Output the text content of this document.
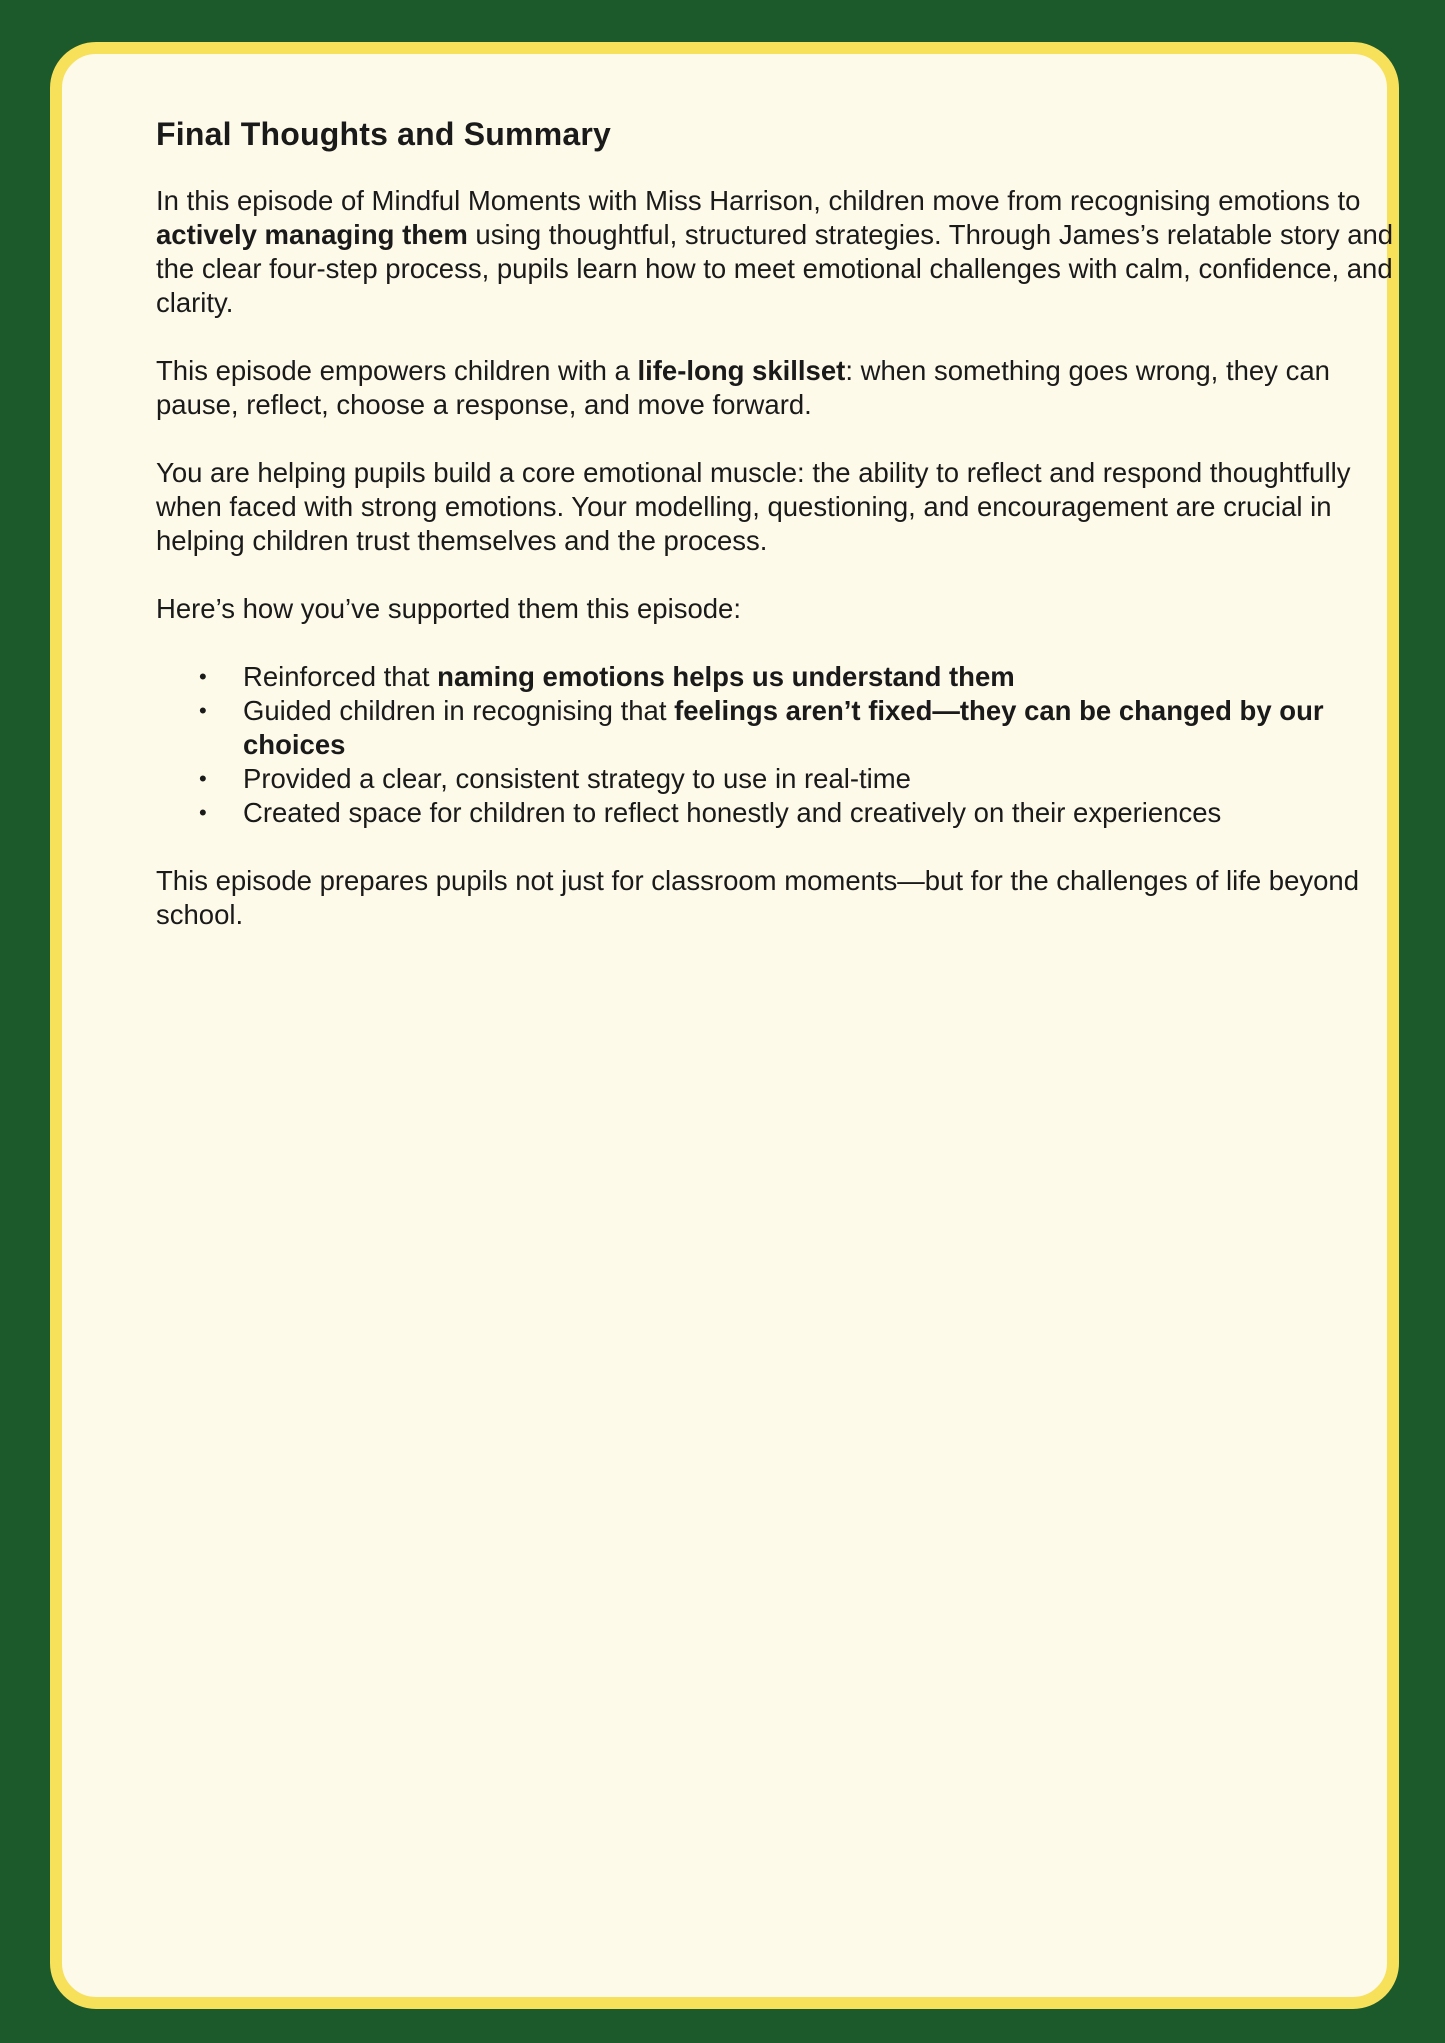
Final Thoughts and Summary

In this episode of Mindful Moments with Miss Harrison, children move from recognising emotions to actively managing them using thoughtful, structured strategies. Through James’s relatable story and the clear four-step process, pupils learn how to meet emotional challenges with calm, confidence, and clarity.

This episode empowers children with a life-long skillset: when something goes wrong, they can pause, reflect, choose a response, and move forward.

You are helping pupils build a core emotional muscle: the ability to reflect and respond thoughtfully when faced with strong emotions. Your modelling, questioning, and encouragement are crucial in helping children trust themselves and the process.

Here’s how you’ve supported them this episode:

• Reinforced that naming emotions helps us understand them
• Guided children in recognising that feelings aren’t fixed—they can be changed by our choices
• Provided a clear, consistent strategy to use in real-time
• Created space for children to reflect honestly and creatively on their experiences

This episode prepares pupils not just for classroom moments—but for the challenges of life beyond school.
